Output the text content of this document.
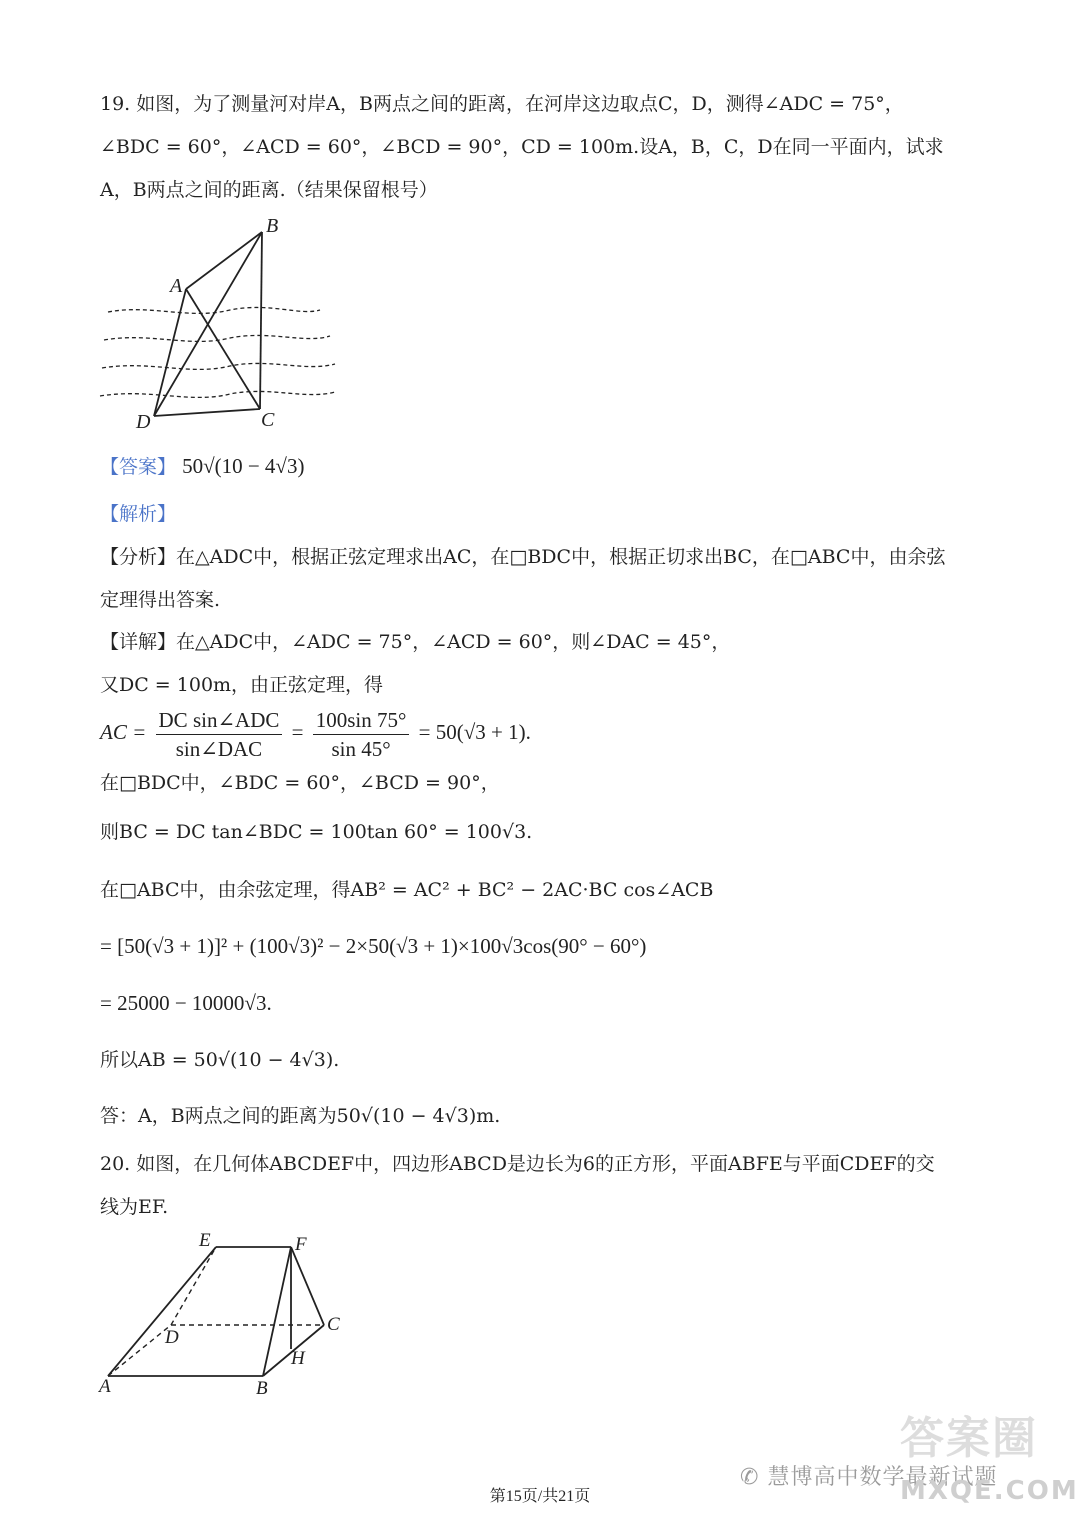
19. 如图，为了测量河对岸A，B两点之间的距离，在河岸这边取点C，D，测得∠ADC = 75°，
∠BDC = 60°，∠ACD = 60°，∠BCD = 90°，CD = 100m.设A，B，C，D在同一平面内，试求
A，B两点之间的距离.（结果保留根号）
A
B
C
D
【答案】 50√(10 − 4√3)
【解析】
【分析】在△ADC中，根据正弦定理求出AC，在□BDC中，根据正切求出BC，在□ABC中，由余弦
定理得出答案.
【详解】在△ADC中，∠ADC = 75°，∠ACD = 60°，则∠DAC = 45°，
又DC = 100m，由正弦定理，得
AC = $\frac{\text{DC sin∠ADC}}{\text{sin∠DAC}} = \frac{100\sin 75^\circ}{\sin 45^\circ} = 50(√3 + 1)$.
在□BDC中，∠BDC = 60°，∠BCD = 90°，
则BC = DC tan∠BDC = 100tan 60° = 100√3.
在□ABC中，由余弦定理，得AB² = AC² + BC² − 2AC·BC cos∠ACB
= [50(√3 + 1)]² + (100√3)² − 2×50(√3 + 1)×100√3cos(90° − 60°)
= 25000 − 10000√3.
所以AB = 50√(10 − 4√3).
答：A，B两点之间的距离为50√(10 − 4√3)m.
20. 如图，在几何体ABCDEF中，四边形ABCD是边长为6的正方形，平面ABFE与平面CDEF的交
线为EF.
E	F
C
D
H
A	B
答案圈
✆ 慧博高中数学最新试题
MXQE.COM
第15页/共21页
